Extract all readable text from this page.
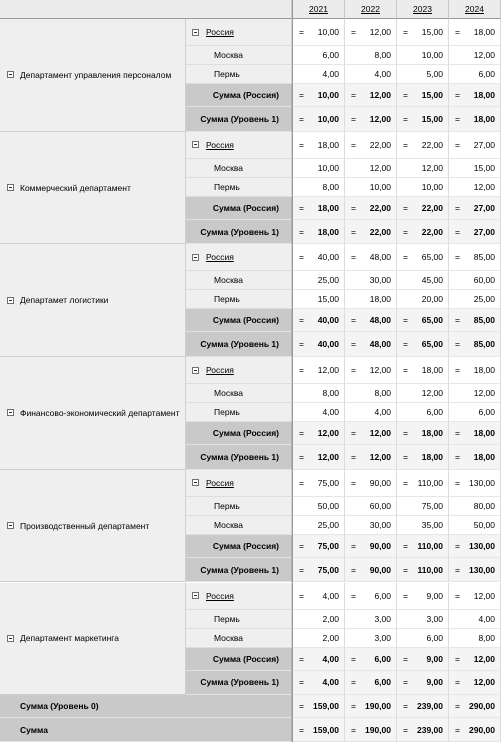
2021	2022	2023	2024
Департамент управления персоналом
Россия	= 10,00 = 12,00 = 15,00 = 18,00
Москва	6,00	8,00	10,00	12,00
Пермь	4,00	4,00	5,00	6,00
Сумма (Россия)	= 10,00 = 12,00 = 15,00 = 18,00
Сумма (Уровень 1)	= 10,00 = 12,00 = 15,00 = 18,00
Коммерческий департамент
Россия	= 18,00 = 22,00 = 22,00 = 27,00
Москва	10,00	12,00	12,00	15,00
Пермь	8,00	10,00	10,00	12,00
Сумма (Россия)	= 18,00 = 22,00 = 22,00 = 27,00
Сумма (Уровень 1)	= 18,00 = 22,00 = 22,00 = 27,00
Департамет логистики
Россия	= 40,00 = 48,00 = 65,00 = 85,00
Москва	25,00	30,00	45,00	60,00
Пермь	15,00	18,00	20,00	25,00
Сумма (Россия)	= 40,00 = 48,00 = 65,00 = 85,00
Сумма (Уровень 1)	= 40,00 = 48,00 = 65,00 = 85,00
Финансово-экономический департамент
Россия	= 12,00 = 12,00 = 18,00 = 18,00
Москва	8,00	8,00	12,00	12,00
Пермь	4,00	4,00	6,00	6,00
Сумма (Россия)	= 12,00 = 12,00 = 18,00 = 18,00
Сумма (Уровень 1)	= 12,00 = 12,00 = 18,00 = 18,00
Производственный департамент
Россия	= 75,00 = 90,00 = 110,00 = 130,00
Пермь	50,00	60,00	75,00	80,00
Москва	25,00	30,00	35,00	50,00
Сумма (Россия)	= 75,00 = 90,00 = 110,00 = 130,00
Сумма (Уровень 1)	= 75,00 = 90,00 = 110,00 = 130,00
Департамент маркетинга
Россия	= 4,00 = 6,00 = 9,00 = 12,00
Пермь	2,00	3,00	3,00	4,00
Москва	2,00	3,00	6,00	8,00
Сумма (Россия)	= 4,00 = 6,00 = 9,00 = 12,00
Сумма (Уровень 1)	= 4,00 = 6,00 = 9,00 = 12,00
Сумма (Уровень 0)	= 159,00 = 190,00 = 239,00 = 290,00
Сумма	= 159,00 = 190,00 = 239,00 = 290,00
